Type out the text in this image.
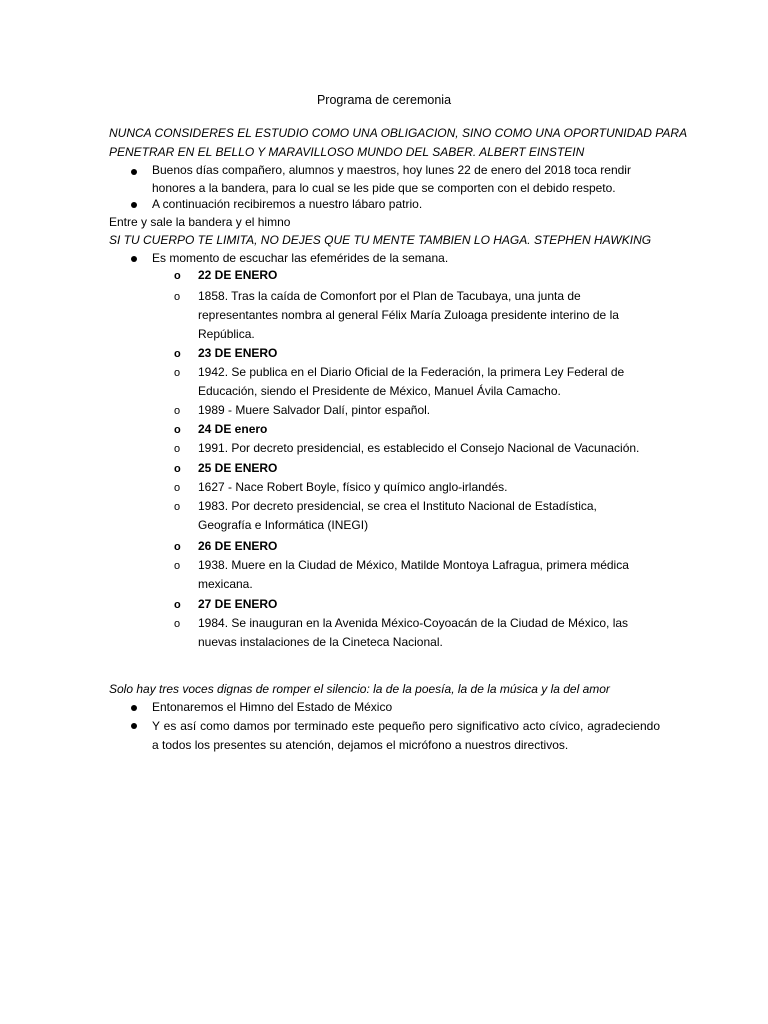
Programa de ceremonia
NUNCA CONSIDERES EL ESTUDIO COMO UNA OBLIGACION, SINO COMO UNA OPORTUNIDAD PARA
PENETRAR EN EL BELLO Y MARAVILLOSO MUNDO DEL SABER. ALBERT EINSTEIN
Buenos días compañero, alumnos y maestros, hoy lunes 22 de enero del 2018 toca rendir
honores a la bandera, para lo cual se les pide que se comporten con el debido respeto.
A continuación recibiremos a nuestro lábaro patrio.
Entre y sale la bandera y el himno
SI TU CUERPO TE LIMITA, NO DEJES QUE TU MENTE TAMBIEN LO HAGA. STEPHEN HAWKING
Es momento de escuchar las efemérides de la semana.
o 22 DE ENERO
o 1858. Tras la caída de Comonfort por el Plan de Tacubaya, una junta de
representantes nombra al general Félix María Zuloaga presidente interino de la
República.
o 23 DE ENERO
o 1942. Se publica en el Diario Oficial de la Federación, la primera Ley Federal de
Educación, siendo el Presidente de México, Manuel Ávila Camacho.
o 1989 - Muere Salvador Dalí, pintor español.
o 24 DE enero
o 1991. Por decreto presidencial, es establecido el Consejo Nacional de Vacunación.
o 25 DE ENERO
o 1627 - Nace Robert Boyle, físico y químico anglo-irlandés.
o 1983. Por decreto presidencial, se crea el Instituto Nacional de Estadística,
Geografía e Informática (INEGI)
o 26 DE ENERO
o 1938. Muere en la Ciudad de México, Matilde Montoya Lafragua, primera médica
mexicana.
o 27 DE ENERO
o 1984. Se inauguran en la Avenida México-Coyoacán de la Ciudad de México, las
nuevas instalaciones de la Cineteca Nacional.
Solo hay tres voces dignas de romper el silencio: la de la poesía, la de la música y la del amor
Entonaremos el Himno del Estado de México
Y es así como damos por terminado este pequeño pero significativo acto cívico, agradeciendo a todos los presentes su atención, dejamos el micrófono a nuestros directivos.
